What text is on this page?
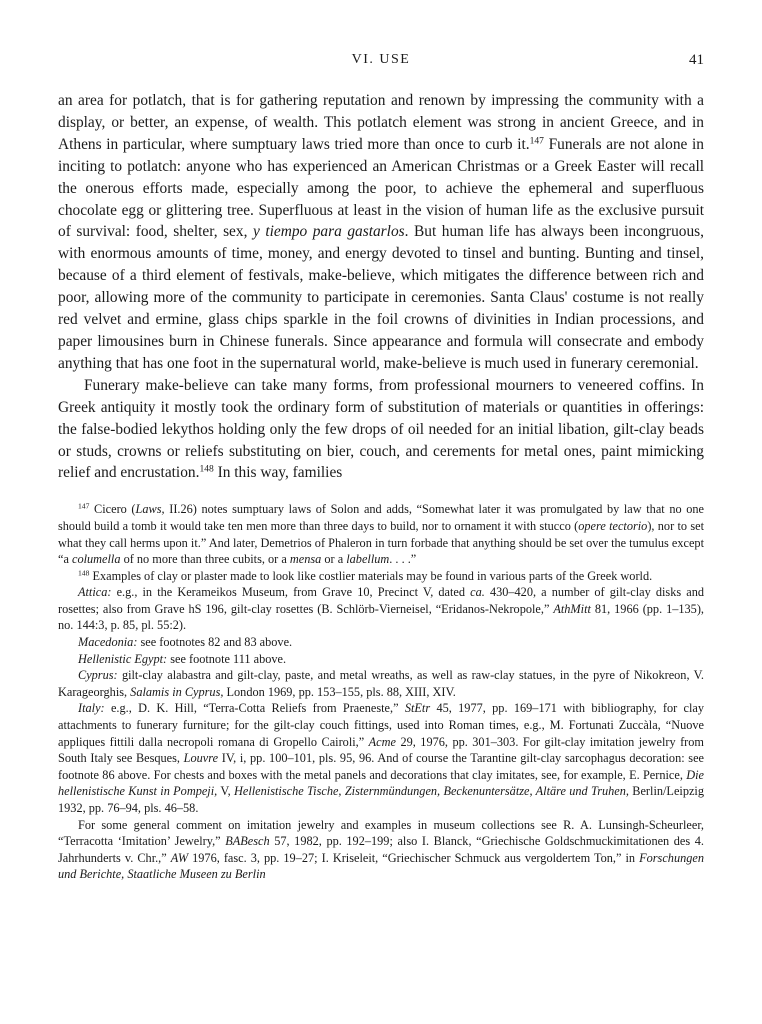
VI. USE	41

an area for potlatch, that is for gathering reputation and renown by impressing the community with a display, or better, an expense, of wealth. This potlatch element was strong in ancient Greece, and in Athens in particular, where sumptuary laws tried more than once to curb it.$^{147}$ Funerals are not alone in inciting to potlatch: anyone who has experienced an American Christmas or a Greek Easter will recall the onerous efforts made, especially among the poor, to achieve the ephemeral and superfluous chocolate egg or glittering tree. Superfluous at least in the vision of human life as the exclusive pursuit of survival: food, shelter, sex, y tiempo para gastarlos. But human life has always been incongruous, with enormous amounts of time, money, and energy devoted to tinsel and bunting. Bunting and tinsel, because of a third element of festivals, make-believe, which mitigates the difference between rich and poor, allowing more of the community to participate in ceremonies. Santa Claus' costume is not really red velvet and ermine, glass chips sparkle in the foil crowns of divinities in Indian processions, and paper limousines burn in Chinese funerals. Since appearance and formula will consecrate and embody anything that has one foot in the supernatural world, make-believe is much used in funerary ceremonial.

Funerary make-believe can take many forms, from professional mourners to veneered coffins. In Greek antiquity it mostly took the ordinary form of substitution of materials or quantities in offerings: the false-bodied lekythos holding only the few drops of oil needed for an initial libation, gilt-clay beads or studs, crowns or reliefs substituting on bier, couch, and cerements for metal ones, paint mimicking relief and encrustation.$^{148}$ In this way, families

$^{147}$ Cicero (Laws, II.26) notes sumptuary laws of Solon and adds, “Somewhat later it was promulgated by law that no one should build a tomb it would take ten men more than three days to build, nor to ornament it with stucco (opere tectorio), nor to set what they call herms upon it.” And later, Demetrios of Phaleron in turn forbade that anything should be set over the tumulus except “a columella of no more than three cubits, or a mensa or a labellum. . . .”

$^{148}$ Examples of clay or plaster made to look like costlier materials may be found in various parts of the Greek world.

Attica: e.g., in the Kerameikos Museum, from Grave 10, Precinct V, dated ca. 430–420, a number of gilt-clay disks and rosettes; also from Grave hS 196, gilt-clay rosettes (B. Schlörb-Vierneisel, “Eridanos-Nekropole,” AthMitt 81, 1966 (pp. 1–135), no. 144:3, p. 85, pl. 55:2).

Macedonia: see footnotes 82 and 83 above.

Hellenistic Egypt: see footnote 111 above.

Cyprus: gilt-clay alabastra and gilt-clay, paste, and metal wreaths, as well as raw-clay statues, in the pyre of Nikokreon, V. Karageorghis, Salamis in Cyprus, London 1969, pp. 153–155, pls. 88, XIII, XIV.

Italy: e.g., D. K. Hill, “Terra-Cotta Reliefs from Praeneste,” StEtr 45, 1977, pp. 169–171 with bibliography, for clay attachments to funerary furniture; for the gilt-clay couch fittings, used into Roman times, e.g., M. Fortunati Zuccàla, “Nuove appliques fittili dalla necropoli romana di Gropello Cairoli,” Acme 29, 1976, pp. 301–303. For gilt-clay imitation jewelry from South Italy see Besques, Louvre IV, i, pp. 100–101, pls. 95, 96. And of course the Tarantine gilt-clay sarcophagus decoration: see footnote 86 above. For chests and boxes with the metal panels and decorations that clay imitates, see, for example, E. Pernice, Die hellenistische Kunst in Pompeji, V, Hellenistische Tische, Zisternmündungen, Beckenuntersätze, Altäre und Truhen, Berlin/Leipzig 1932, pp. 76–94, pls. 46–58.

For some general comment on imitation jewelry and examples in museum collections see R. A. Lunsingh-Scheurleer, “Terracotta ‘Imitation’ Jewelry,” BABesch 57, 1982, pp. 192–199; also I. Blanck, “Griechische Goldschmuckimitationen des 4. Jahrhunderts v. Chr.,” AW 1976, fasc. 3, pp. 19–27; I. Kriseleit, “Griechischer Schmuck aus vergoldertem Ton,” in Forschungen und Berichte, Staatliche Museen zu Berlin
